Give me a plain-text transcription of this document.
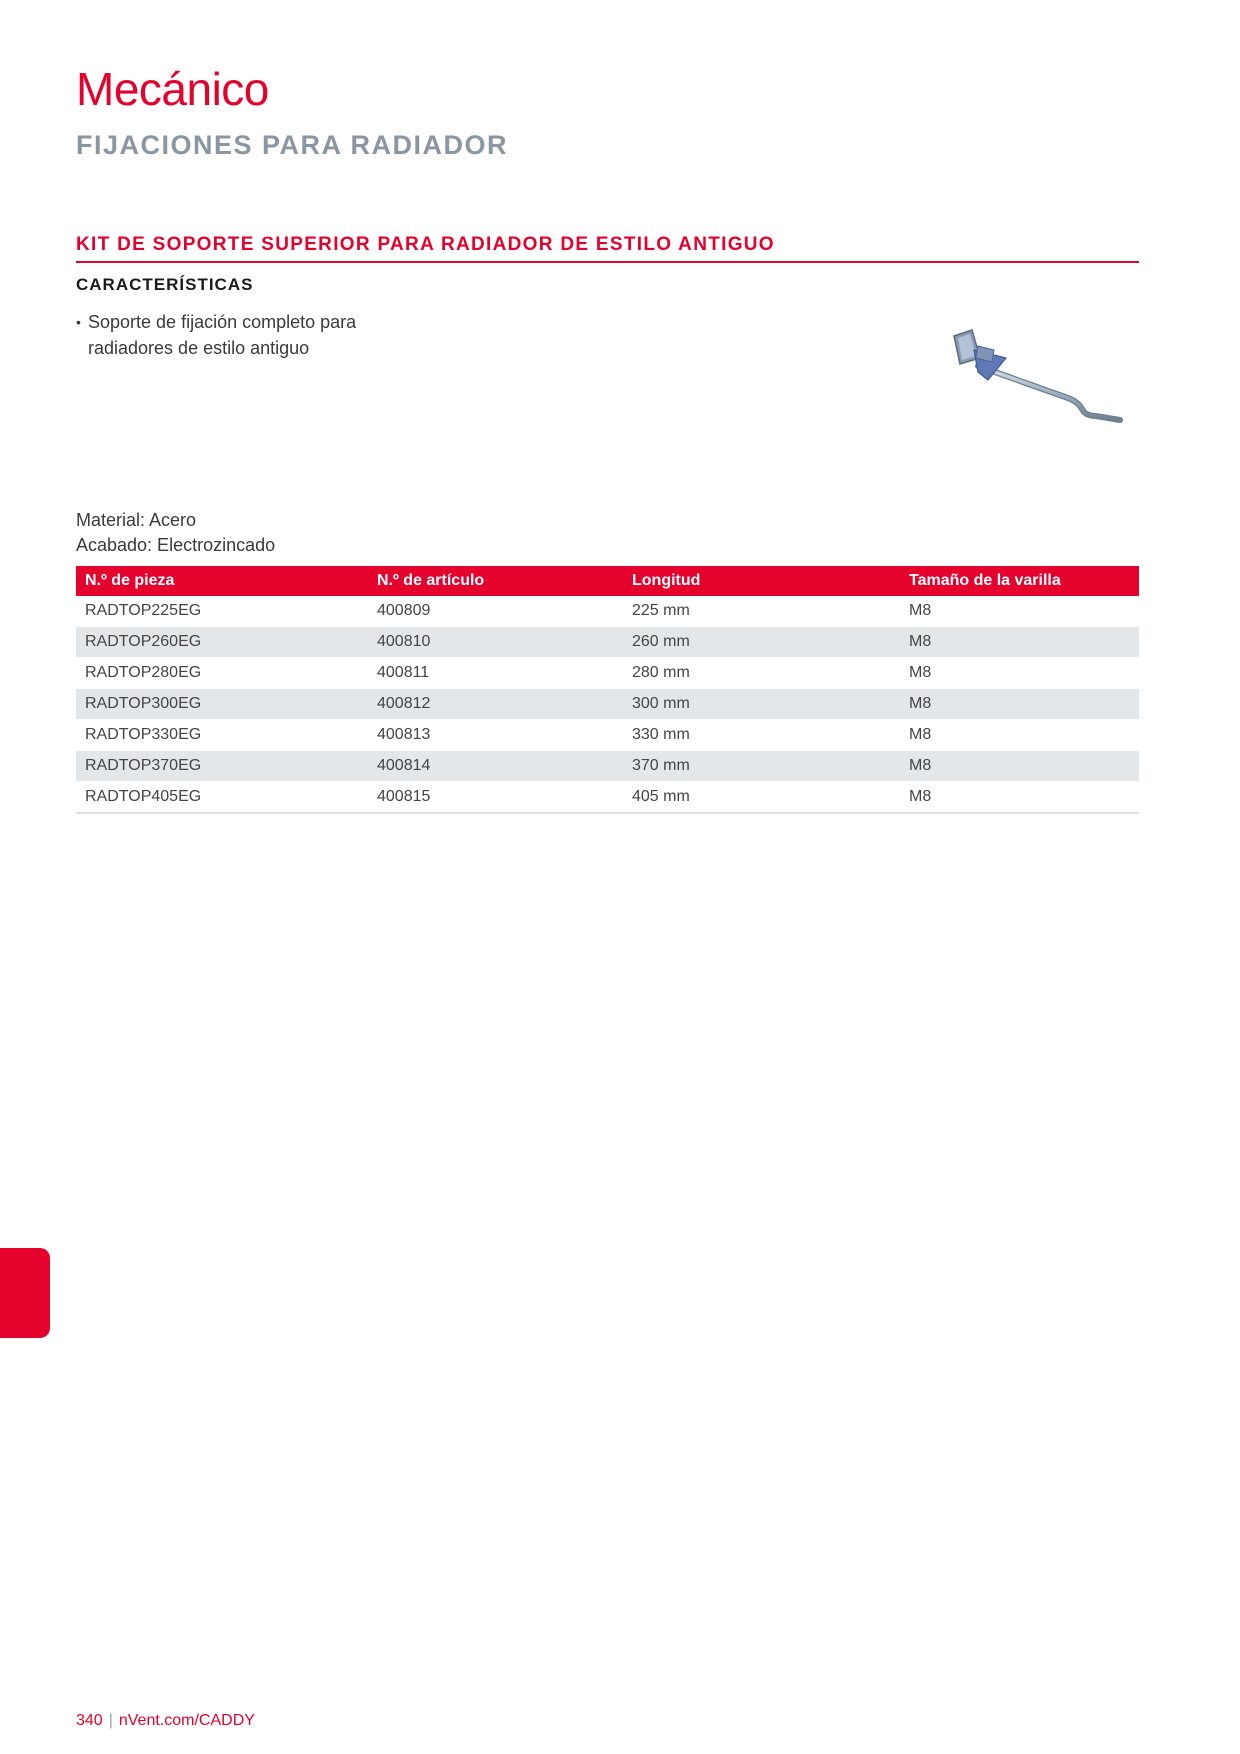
Mecánico
FIJACIONES PARA RADIADOR
KIT DE SOPORTE SUPERIOR PARA RADIADOR DE ESTILO ANTIGUO
CARACTERÍSTICAS
• Soporte de fijación completo para radiadores de estilo antiguo
Material: Acero
Acabado: Electrozincado
N.º de pieza	N.º de artículo	Longitud	Tamaño de la varilla
RADTOP225EG	400809	225 mm	M8
RADTOP260EG	400810	260 mm	M8
RADTOP280EG	400811	280 mm	M8
RADTOP300EG	400812	300 mm	M8
RADTOP330EG	400813	330 mm	M8
RADTOP370EG	400814	370 mm	M8
RADTOP405EG	400815	405 mm	M8
340 | nVent.com/CADDY
